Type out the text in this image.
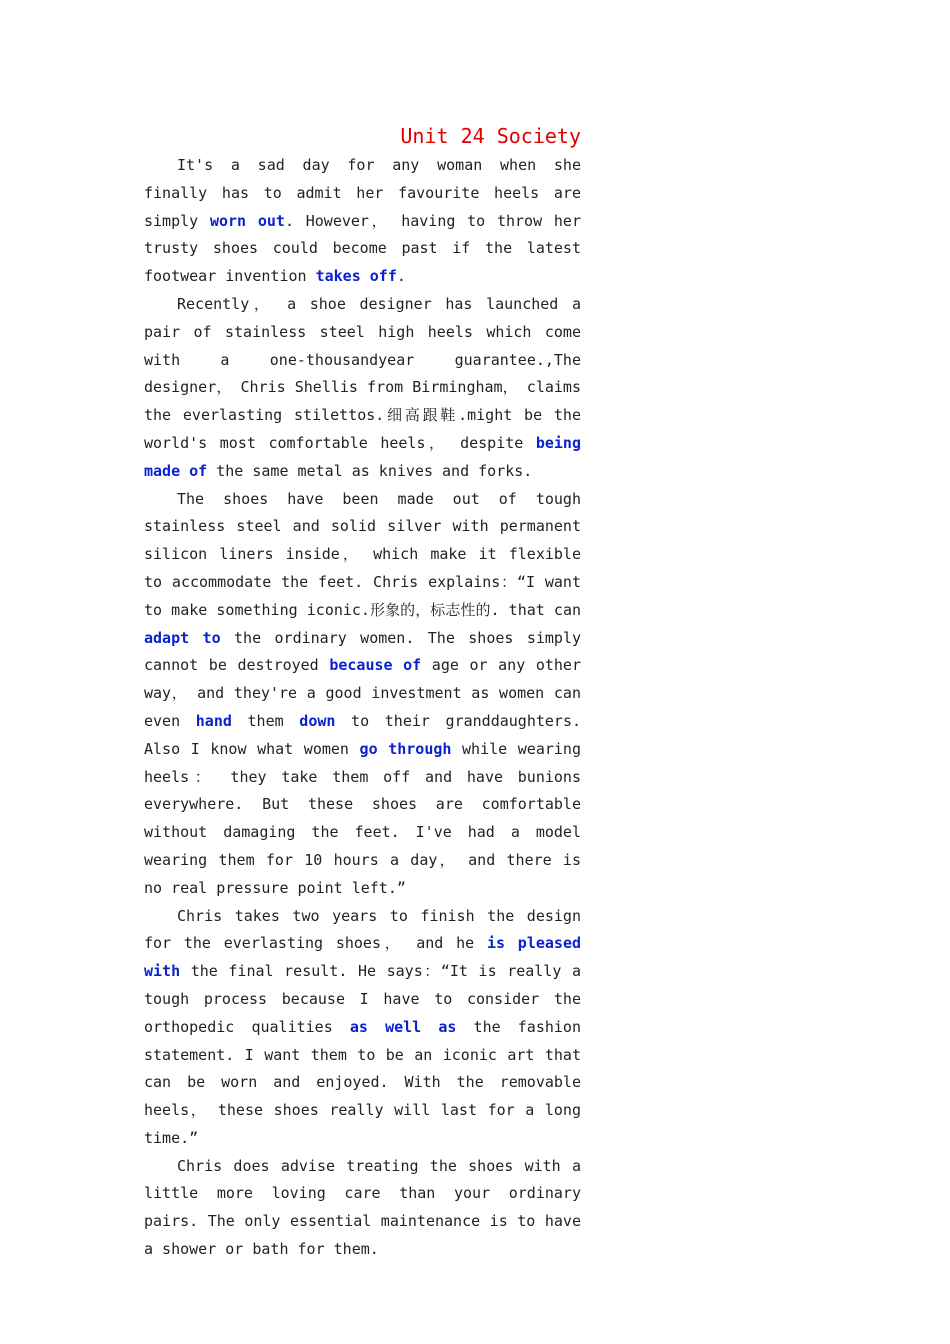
Unit 24 Society

It's a sad day for any woman when she finally has to admit her favourite heels are simply worn out. However， having to throw her trusty shoes could become past if the latest footwear invention takes off.

Recently， a shoe designer has launched a pair of stainless steel high heels which come with a one-thousandyear guarantee.,The designer， Chris Shellis from Birmingham， claims the everlasting stilettos.细高跟鞋.might be the world's most comfortable heels， despite being made of the same metal as knives and forks.

The shoes have been made out of tough stainless steel and solid silver with permanent silicon liners inside， which make it flexible to accommodate the feet. Chris explains：“I want to make something iconic.形象的，标志性的. that can adapt to the ordinary women. The shoes simply cannot be destroyed because of age or any other way， and they're a good investment as women can even hand them down to their granddaughters. Also I know what women go through while wearing heels： they take them off and have bunions everywhere. But these shoes are comfortable without damaging the feet. I've had a model wearing them for 10 hours a day， and there is no real pressure point left.”

Chris takes two years to finish the design for the everlasting shoes， and he is pleased with the final result. He says：“It is really a tough process because I have to consider the orthopedic qualities as well as the fashion statement. I want them to be an iconic art that can be worn and enjoyed. With the removable heels， these shoes really will last for a long time.”

Chris does advise treating the shoes with a little more loving care than your ordinary pairs. The only essential maintenance is to have a shower or bath for them.
